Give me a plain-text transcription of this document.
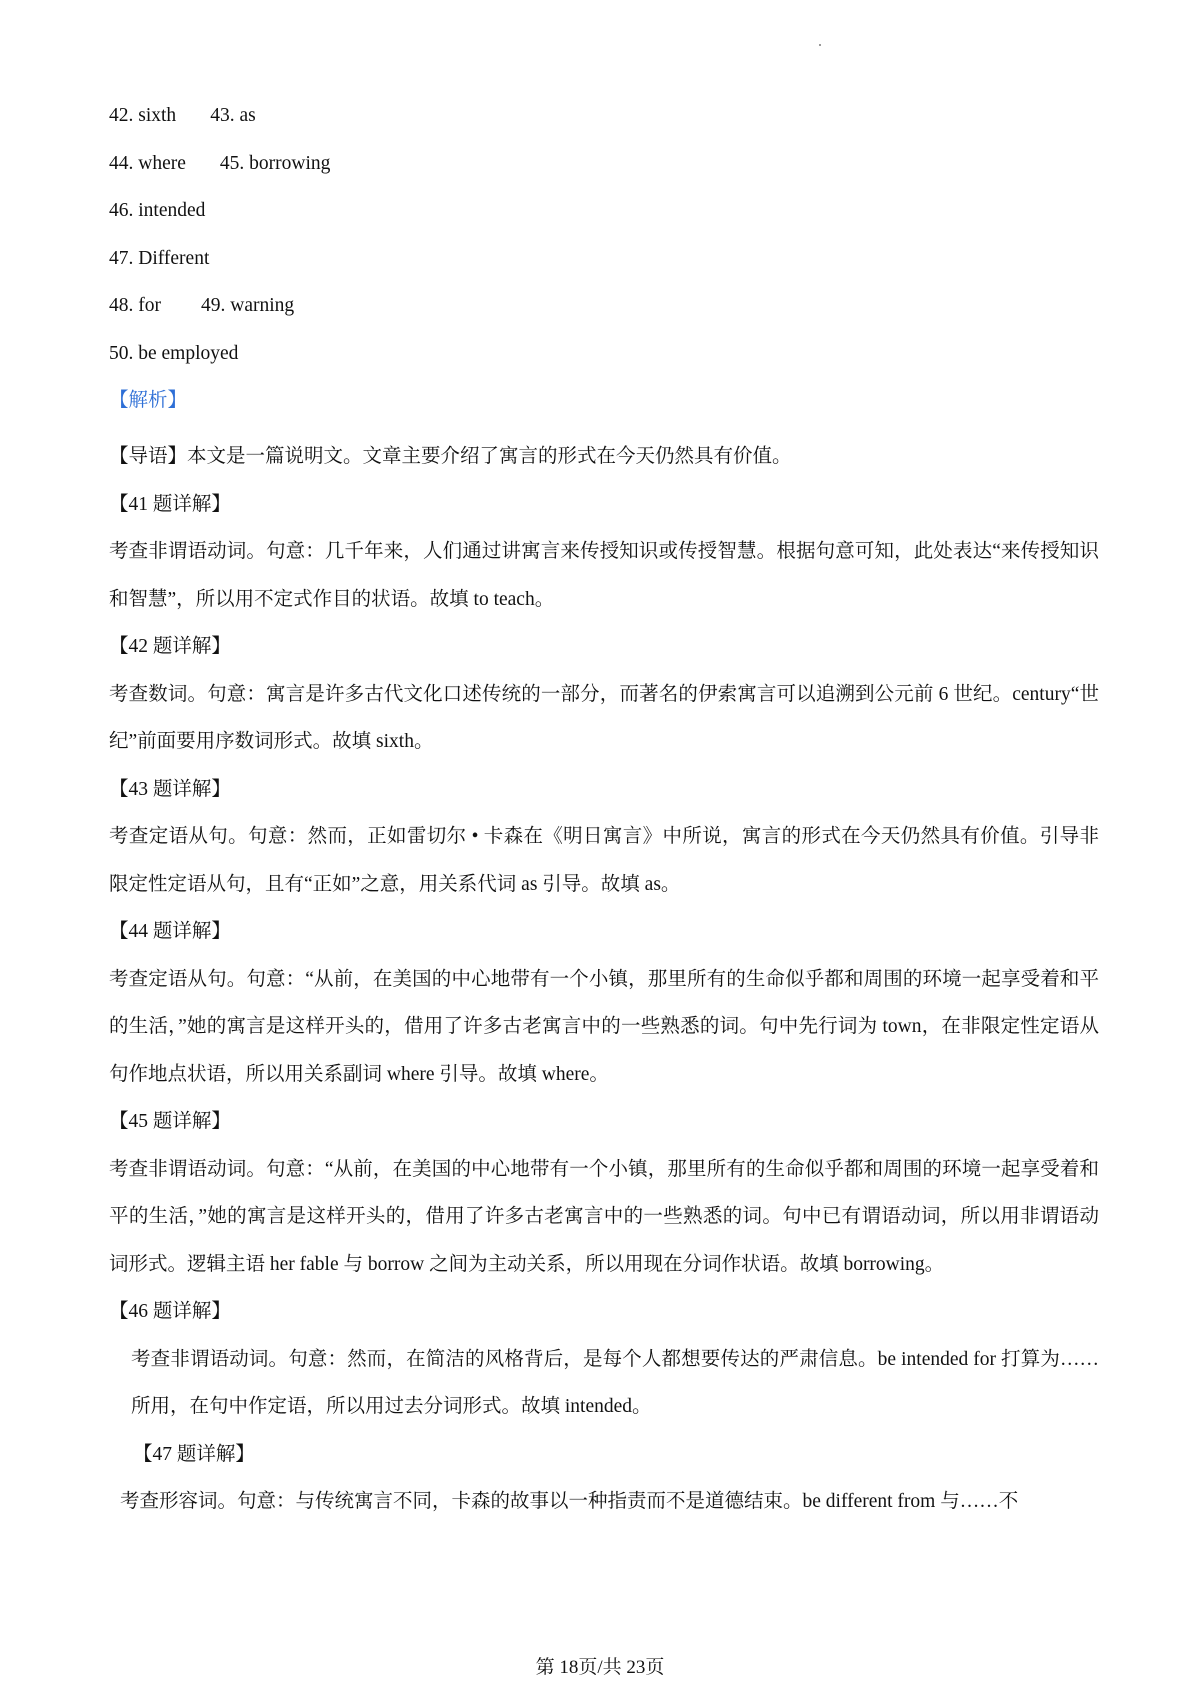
42. sixth 43. as
44. where 45. borrowing
46. intended
47. Different
48. for 49. warning
50. be employed
【解析】

【导语】本文是一篇说明文。文章主要介绍了寓言的形式在今天仍然具有价值。

【41 题详解】

考查非谓语动词。句意：几千年来，人们通过讲寓言来传授知识或传授智慧。根据句意可知，此处表达“来传授知识和智慧”，所以用不定式作目的状语。故填 to teach。

【42 题详解】

考查数词。句意：寓言是许多古代文化口述传统的一部分，而著名的伊索寓言可以追溯到公元前 6 世纪。century“世纪”前面要用序数词形式。故填 sixth。

【43 题详解】

考查定语从句。句意：然而，正如雷切尔 • 卡森在《明日寓言》中所说，寓言的形式在今天仍然具有价值。引导非限定性定语从句，且有“正如”之意，用关系代词 as 引导。故填 as。

【44 题详解】

考查定语从句。句意：“从前，在美国的中心地带有一个小镇，那里所有的生命似乎都和周围的环境一起享受着和平的生活，”她的寓言是这样开头的，借用了许多古老寓言中的一些熟悉的词。句中先行词为 town，在非限定性定语从句作地点状语，所以用关系副词 where 引导。故填 where。

【45 题详解】

考查非谓语动词。句意：“从前，在美国的中心地带有一个小镇，那里所有的生命似乎都和周围的环境一起享受着和平的生活，”她的寓言是这样开头的，借用了许多古老寓言中的一些熟悉的词。句中已有谓语动词，所以用非谓语动词形式。逻辑主语 her fable 与 borrow 之间为主动关系，所以用现在分词作状语。故填 borrowing。

【46 题详解】

考查非谓语动词。句意：然而，在简洁的风格背后，是每个人都想要传达的严肃信息。be intended for 打算为……所用，在句中作定语，所以用过去分词形式。故填 intended。

【47 题详解】

考查形容词。句意：与传统寓言不同，卡森的故事以一种指责而不是道德结束。be different from 与……不

第 18页/共 23页
